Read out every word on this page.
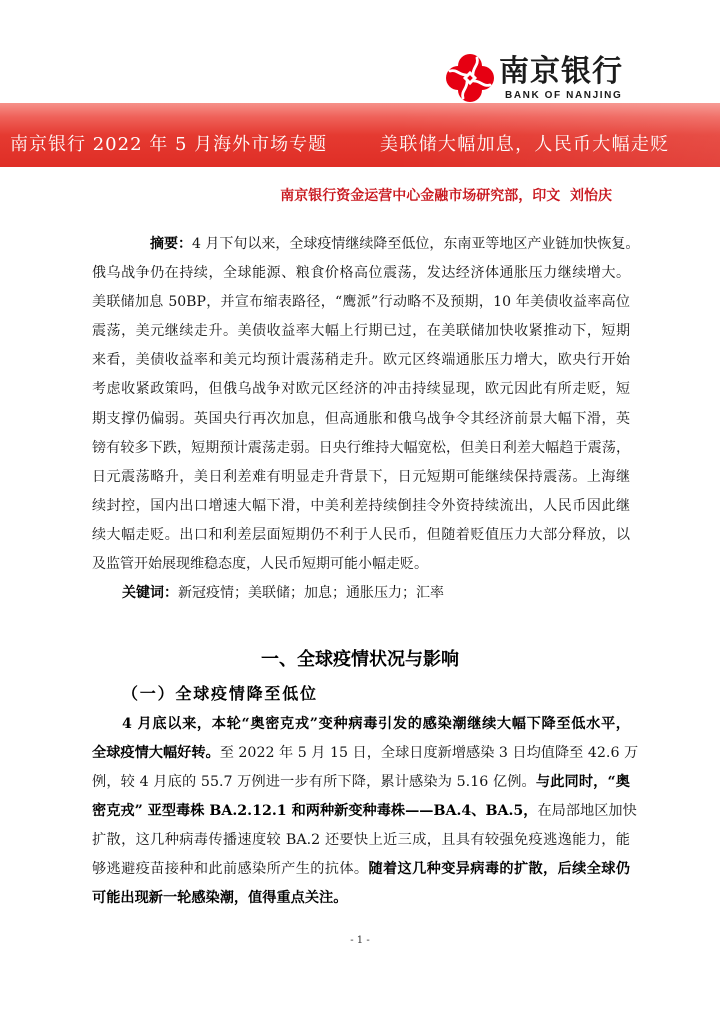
南京银行
BANK OF NANJING
南京银行 2022 年 5 月海外市场专题	美联储大幅加息，人民币大幅走贬
南京银行资金运营中心金融市场研究部，印文  刘怡庆
摘要：4 月下旬以来，全球疫情继续降至低位，东南亚等地区产业链加快恢复。
俄乌战争仍在持续，全球能源、粮食价格高位震荡，发达经济体通胀压力继续增大。
美联储加息 50BP，并宣布缩表路径，“鹰派”行动略不及预期，10 年美债收益率高位
震荡，美元继续走升。美债收益率大幅上行期已过，在美联储加快收紧推动下，短期
来看，美债收益率和美元均预计震荡稍走升。欧元区终端通胀压力增大，欧央行开始
考虑收紧政策吗，但俄乌战争对欧元区经济的冲击持续显现，欧元因此有所走贬，短
期支撑仍偏弱。英国央行再次加息，但高通胀和俄乌战争令其经济前景大幅下滑，英
镑有较多下跌，短期预计震荡走弱。日央行维持大幅宽松，但美日利差大幅趋于震荡，
日元震荡略升，美日利差难有明显走升背景下，日元短期可能继续保持震荡。上海继
续封控，国内出口增速大幅下滑，中美利差持续倒挂令外资持续流出，人民币因此继
续大幅走贬。出口和利差层面短期仍不利于人民币，但随着贬值压力大部分释放，以
及监管开始展现维稳态度，人民币短期可能小幅走贬。
关键词：新冠疫情；美联储；加息；通胀压力；汇率
一、全球疫情状况与影响
（一）全球疫情降至低位
4 月底以来，本轮“奥密克戎”变种病毒引发的感染潮继续大幅下降至低水平，
全球疫情大幅好转。至 2022 年 5 月 15 日，全球日度新增感染 3 日均值降至 42.6 万
例，较 4 月底的 55.7 万例进一步有所下降，累计感染为 5.16 亿例。与此同时，“奥
密克戎” 亚型毒株 BA.2.12.1 和两种新变种毒株——BA.4、BA.5，在局部地区加快
扩散，这几种病毒传播速度较 BA.2 还要快上近三成，且具有较强免疫逃逸能力，能
够逃避疫苗接种和此前感染所产生的抗体。随着这几种变异病毒的扩散，后续全球仍
可能出现新一轮感染潮，值得重点关注。
- 1 -
